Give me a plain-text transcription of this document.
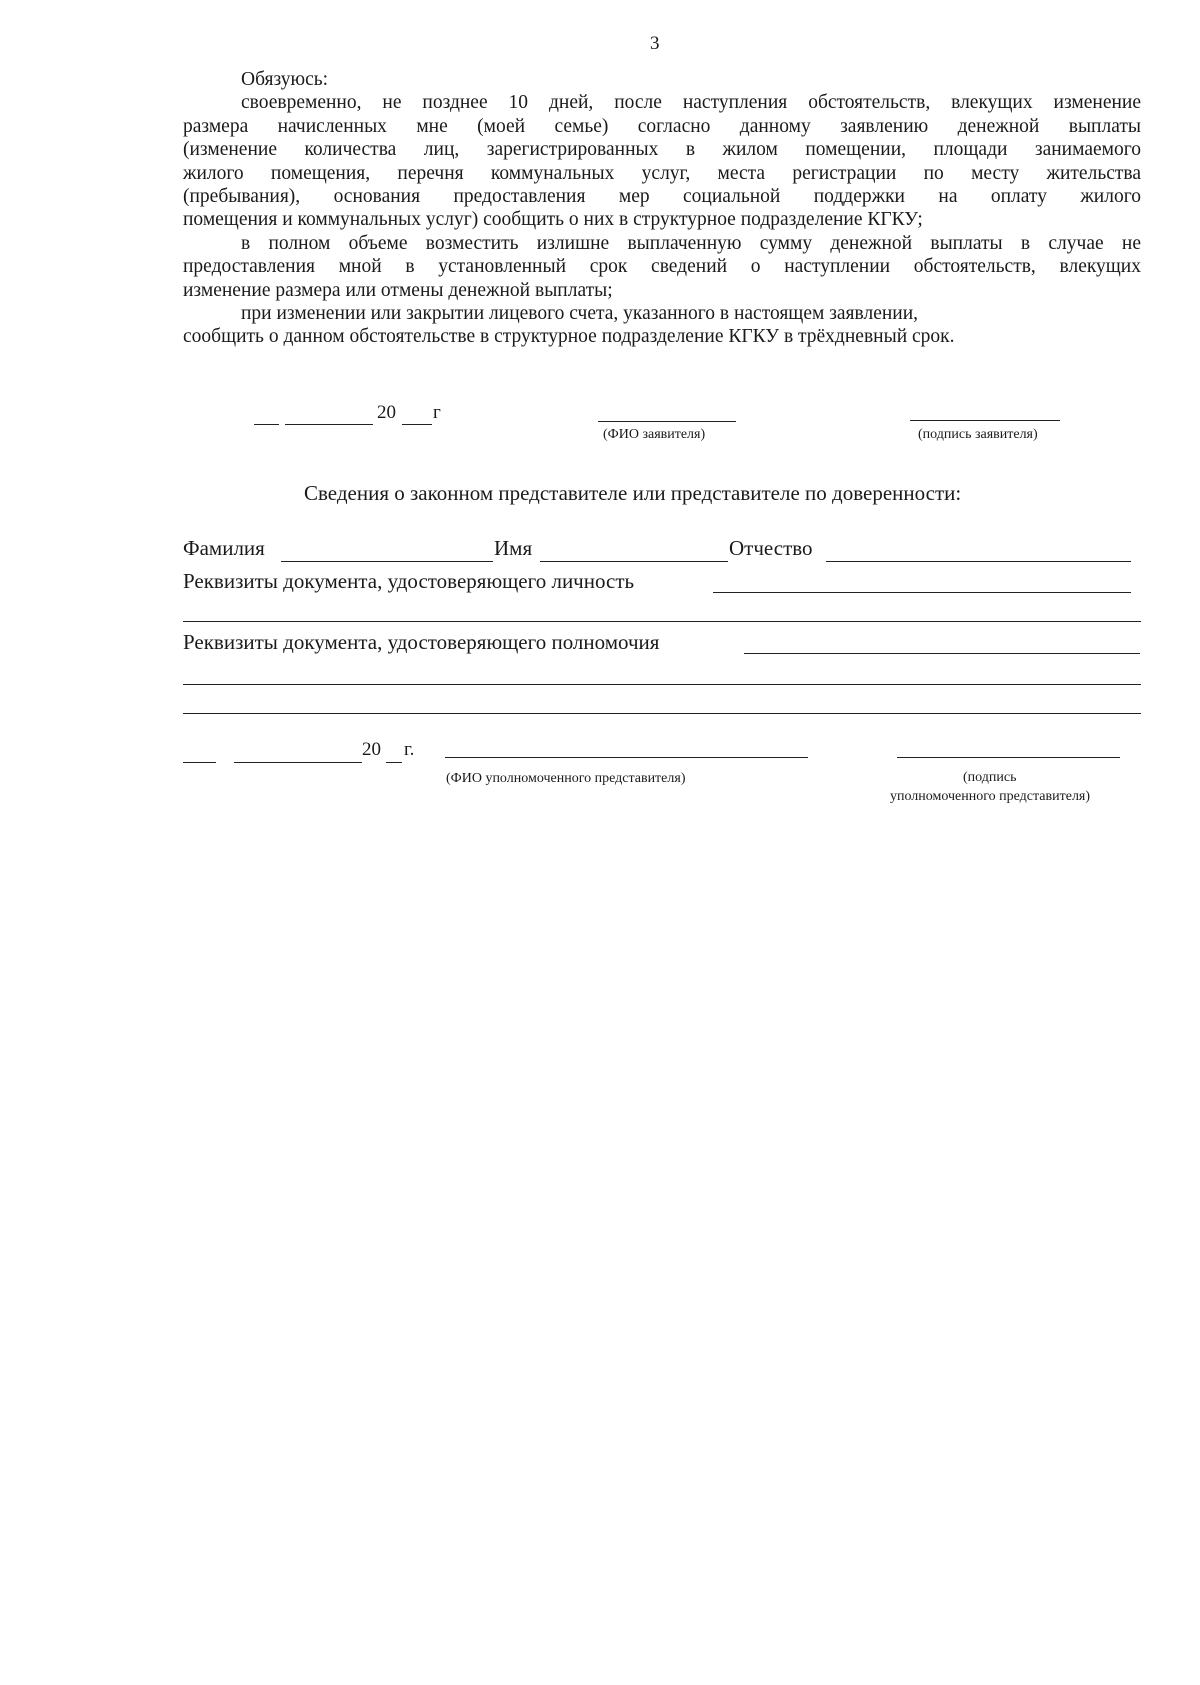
3
Обязуюсь:
своевременно, не позднее 10 дней, после наступления обстоятельств, влекущих изменение
размера начисленных мне (моей семье) согласно данному заявлению денежной выплаты
(изменение количества лиц, зарегистрированных в жилом помещении, площади занимаемого
жилого помещения, перечня коммунальных услуг, места регистрации по месту жительства
(пребывания), основания предоставления мер социальной поддержки на оплату жилого
помещения и коммунальных услуг) сообщить о них в структурное подразделение КГКУ;
в полном объеме возместить излишне выплаченную сумму денежной выплаты в случае не
предоставления мной в установленный срок сведений о наступлении обстоятельств, влекущих
изменение размера или отмены денежной выплаты;
при изменении или закрытии лицевого счета, указанного в настоящем заявлении,
сообщить о данном обстоятельстве в структурное подразделение КГКУ в трёхдневный срок.
20 г
(ФИО заявителя)	(подпись заявителя)
Сведения о законном представителе или представителе по доверенности:
Фамилия	Имя	Отчество
Реквизиты документа, удостоверяющего личность
Реквизиты документа, удостоверяющего полномочия
20 г.
(ФИО уполномоченного представителя)	(подпись
уполномоченного представителя)
